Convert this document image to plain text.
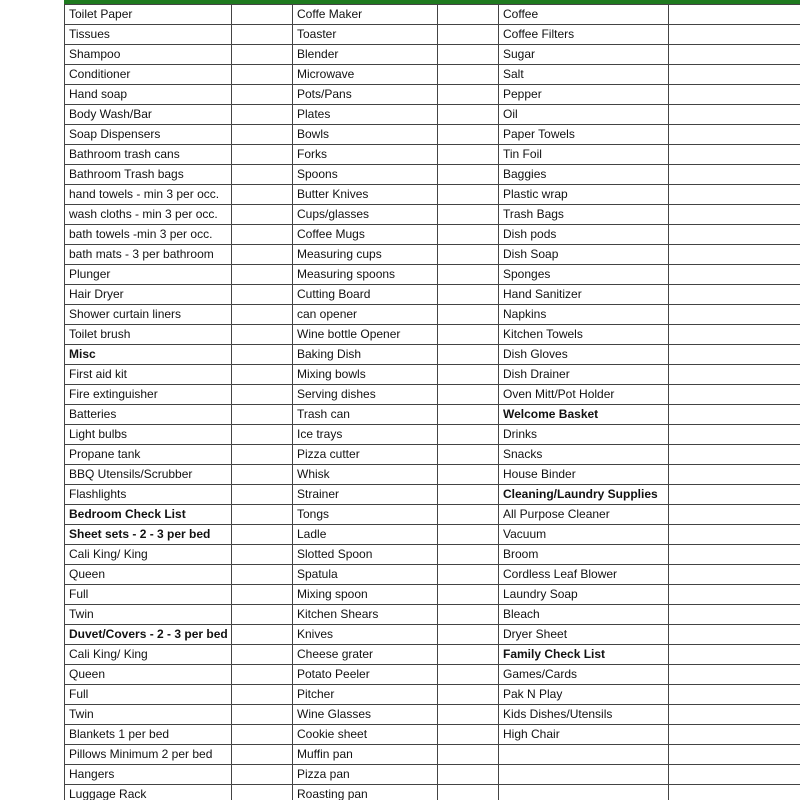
Toilet Paper		Coffe Maker		Coffee	
Tissues		Toaster		Coffee Filters	
Shampoo		Blender		Sugar	
Conditioner		Microwave		Salt	
Hand soap		Pots/Pans		Pepper	
Body Wash/Bar		Plates		Oil	
Soap Dispensers		Bowls		Paper Towels	
Bathroom trash cans		Forks		Tin Foil	
Bathroom Trash bags		Spoons		Baggies	
hand towels - min 3 per occ.		Butter Knives		Plastic wrap	
wash cloths - min 3 per occ.		Cups/glasses		Trash Bags	
bath towels -min 3 per occ.		Coffee Mugs		Dish pods	
bath mats - 3 per bathroom		Measuring cups		Dish Soap	
Plunger		Measuring spoons		Sponges	
Hair Dryer		Cutting Board		Hand Sanitizer	
Shower curtain liners		can opener		Napkins	
Toilet brush		Wine bottle Opener		Kitchen Towels	
Misc		Baking Dish		Dish Gloves	
First aid kit		Mixing bowls		Dish Drainer	
Fire extinguisher		Serving dishes		Oven Mitt/Pot Holder	
Batteries		Trash can		Welcome Basket	
Light bulbs		Ice trays		Drinks	
Propane tank		Pizza cutter		Snacks	
BBQ Utensils/Scrubber		Whisk		House Binder	
Flashlights		Strainer		Cleaning/Laundry Supplies	
Bedroom Check List		Tongs		All Purpose Cleaner	
Sheet sets - 2 - 3 per bed		Ladle		Vacuum	
Cali King/ King		Slotted Spoon		Broom	
Queen		Spatula		Cordless Leaf Blower	
Full		Mixing spoon		Laundry Soap	
Twin		Kitchen Shears		Bleach	
Duvet/Covers - 2 - 3 per bed		Knives		Dryer Sheet	
Cali King/ King		Cheese grater		Family Check List	
Queen		Potato Peeler		Games/Cards	
Full		Pitcher		Pak N Play	
Twin		Wine Glasses		Kids Dishes/Utensils	
Blankets 1 per bed		Cookie sheet		High Chair	
Pillows Minimum 2 per bed		Muffin pan			
Hangers		Pizza pan			
Luggage Rack		Roasting pan			
